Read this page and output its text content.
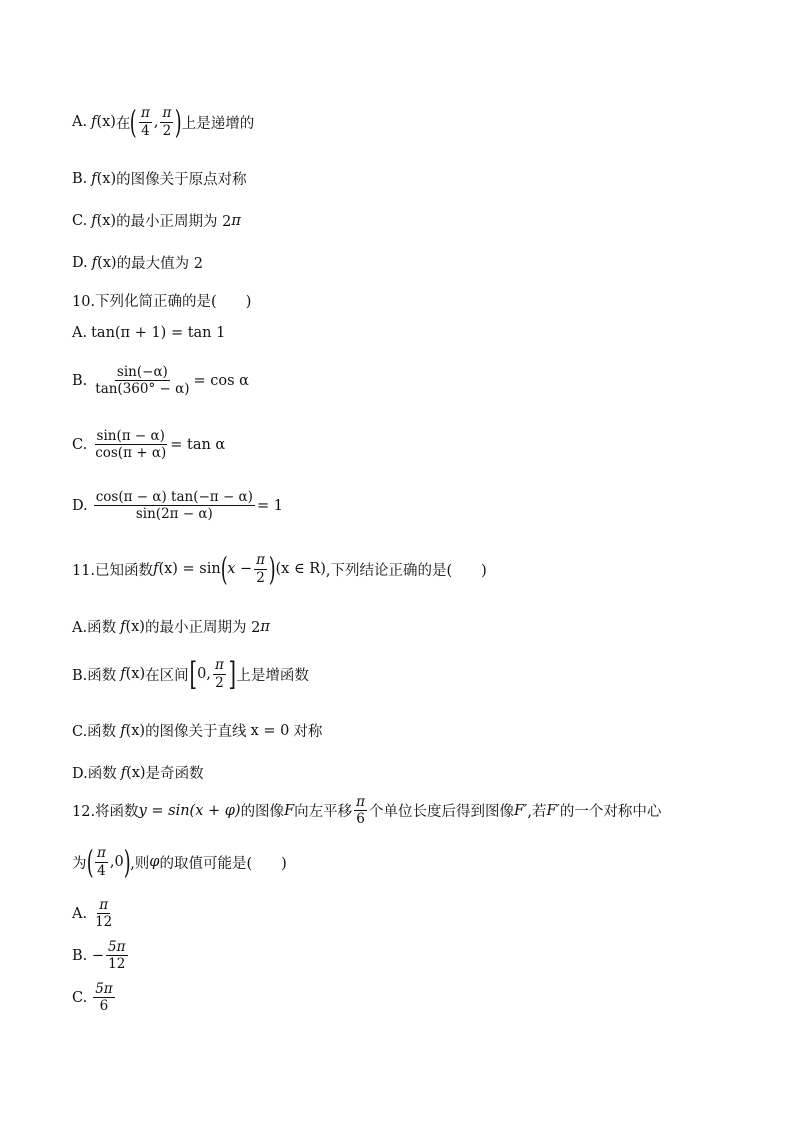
A. f (x) 在 ( $\frac{\pi}{4}$ , $\frac{\pi}{2}$ ) 上是递增的
B. f (x) 的图像关于原点对称
C. f (x) 的最小正周期为 2 π
D. f (x) 的最大值为 2
10.下列化简正确的是(　　)
A. tan(π + 1) = tan 1
B. $\frac{\sin(-\alpha)}{\tan(360^\circ - \alpha)} = \cos \alpha$
C. $\frac{\sin(\pi - \alpha)}{\cos(\pi + \alpha)} = \tan \alpha$
D. $\frac{\cos(\pi - \alpha) \tan(-\pi - \alpha)}{\sin(2\pi - \alpha)} = 1$
11.已知函数 f (x) = sin ( $x - \frac{\pi}{2}$ ) (x ∈ R) ,下列结论正确的是(　　)
A.函数 f (x) 的最小正周期为 2 π
B.函数 f (x) 在区间 [ 0, $\frac{\pi}{2}$ ] 上是增函数
C.函数 f (x) 的图像关于直线 x = 0 对称
D.函数 f (x) 是奇函数
12.将函数 y = sin(x + φ) 的图像 F 向左平移 $\frac{\pi}{6}$ 个单位长度后得到图像 F′ ,若 F′ 的一个对称中心
为 ( $\frac{\pi}{4} ,0$ ) ,则 φ 的取值可能是(　　)
A. $\frac{\pi}{12}$
B. − $\frac{5\pi}{12}$
C. $\frac{5\pi}{6}$
